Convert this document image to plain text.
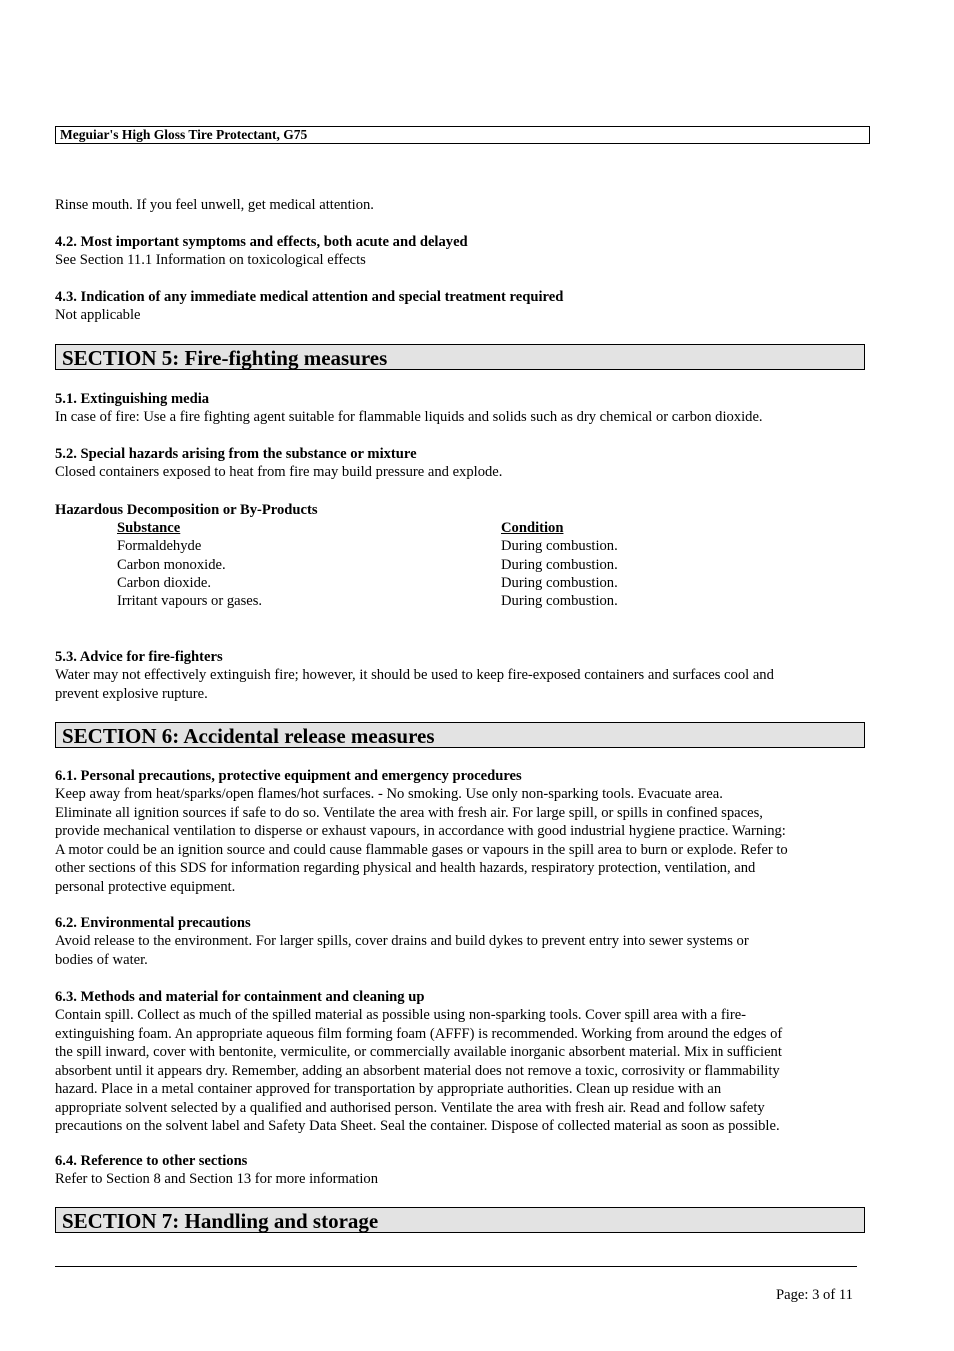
Meguiar's High Gloss Tire Protectant, G75
Rinse mouth. If you feel unwell, get medical attention.
4.2. Most important symptoms and effects, both acute and delayed
See Section 11.1 Information on toxicological effects
4.3. Indication of any immediate medical attention and special treatment required
Not applicable
SECTION 5: Fire-fighting measures
5.1. Extinguishing media
In case of fire: Use a fire fighting agent suitable for flammable liquids and solids such as dry chemical or carbon dioxide.
5.2. Special hazards arising from the substance or mixture
Closed containers exposed to heat from fire may build pressure and explode.
Hazardous Decomposition or By-Products
Substance	Condition
Formaldehyde	During combustion.
Carbon monoxide.	During combustion.
Carbon dioxide.	During combustion.
Irritant vapours or gases.	During combustion.
5.3. Advice for fire-fighters
Water may not effectively extinguish fire; however, it should be used to keep fire-exposed containers and surfaces cool and
prevent explosive rupture.
SECTION 6: Accidental release measures
6.1. Personal precautions, protective equipment and emergency procedures
Keep away from heat/sparks/open flames/hot surfaces. - No smoking. Use only non-sparking tools. Evacuate area.
Eliminate all ignition sources if safe to do so. Ventilate the area with fresh air. For large spill, or spills in confined spaces,
provide mechanical ventilation to disperse or exhaust vapours, in accordance with good industrial hygiene practice. Warning:
A motor could be an ignition source and could cause flammable gases or vapours in the spill area to burn or explode. Refer to
other sections of this SDS for information regarding physical and health hazards, respiratory protection, ventilation, and
personal protective equipment.
6.2. Environmental precautions
Avoid release to the environment. For larger spills, cover drains and build dykes to prevent entry into sewer systems or
bodies of water.
6.3. Methods and material for containment and cleaning up
Contain spill. Collect as much of the spilled material as possible using non-sparking tools. Cover spill area with a fire-
extinguishing foam. An appropriate aqueous film forming foam (AFFF) is recommended. Working from around the edges of
the spill inward, cover with bentonite, vermiculite, or commercially available inorganic absorbent material. Mix in sufficient
absorbent until it appears dry. Remember, adding an absorbent material does not remove a toxic, corrosivity or flammability
hazard. Place in a metal container approved for transportation by appropriate authorities. Clean up residue with an
appropriate solvent selected by a qualified and authorised person. Ventilate the area with fresh air. Read and follow safety
precautions on the solvent label and Safety Data Sheet. Seal the container. Dispose of collected material as soon as possible.
6.4. Reference to other sections
Refer to Section 8 and Section 13 for more information
SECTION 7: Handling and storage
Page: 3 of 11
